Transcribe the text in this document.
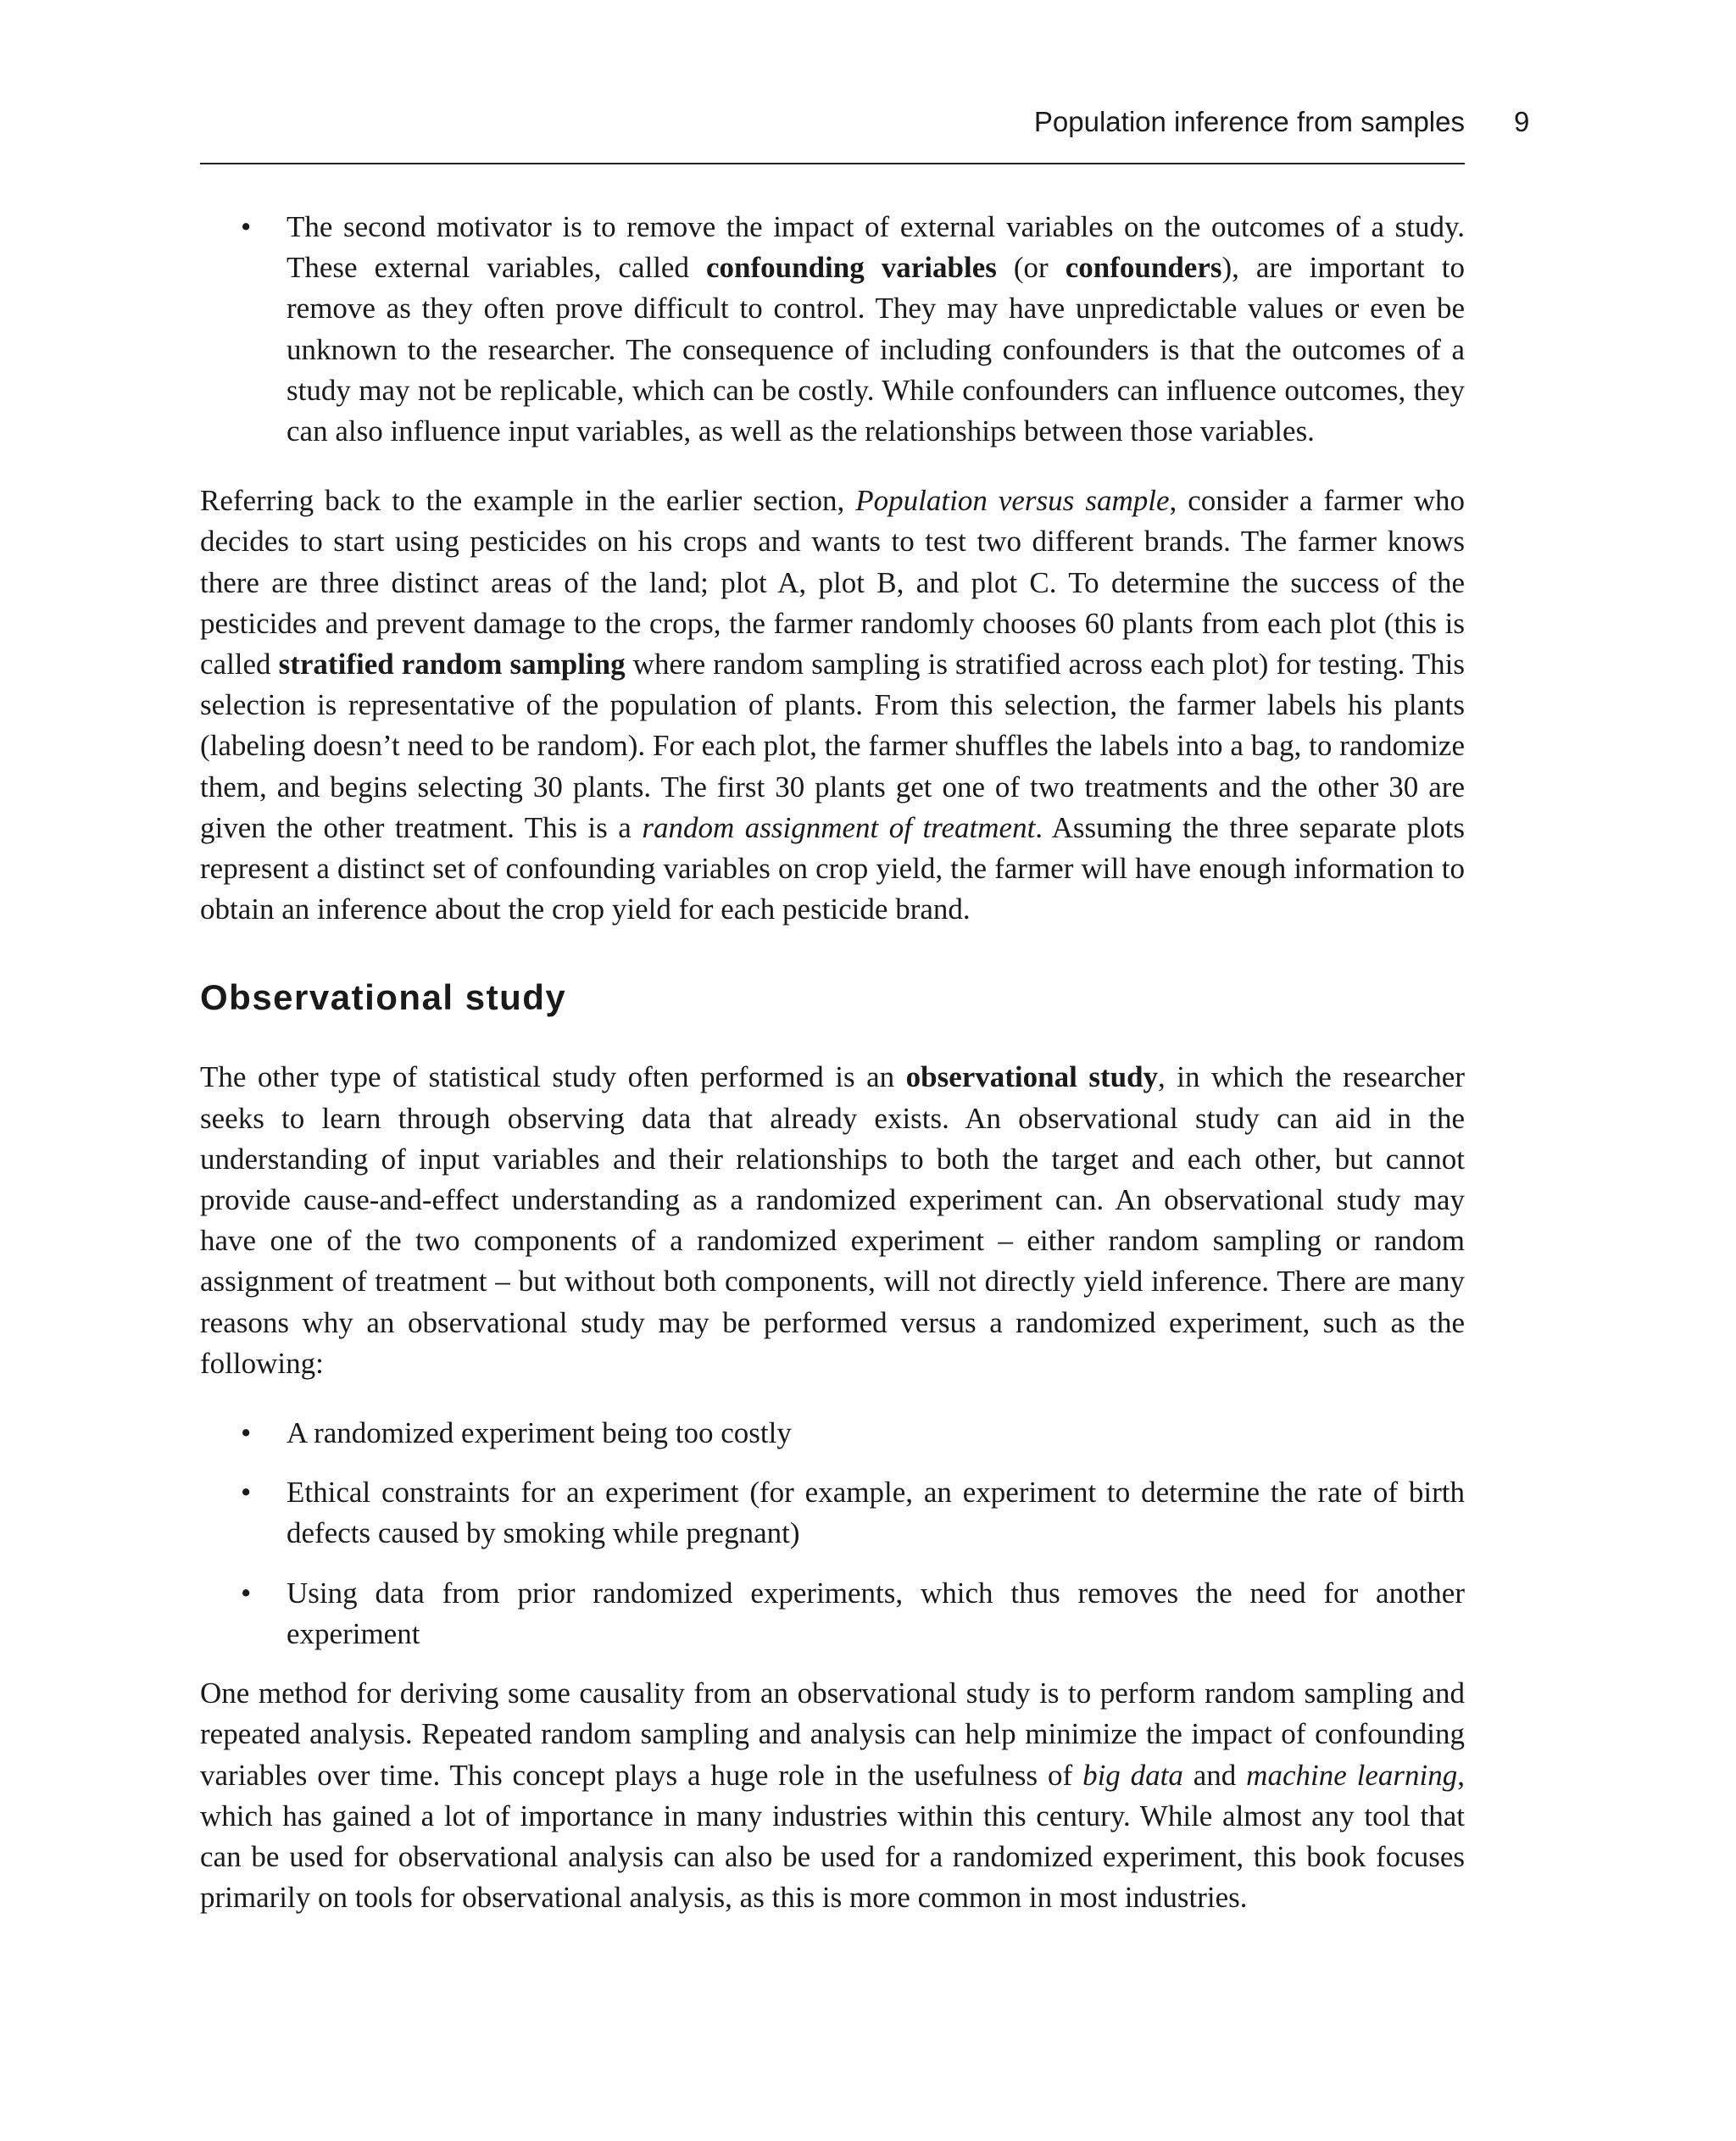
Population inference from samples 9
• The second motivator is to remove the impact of external variables on the outcomes of a study. These external variables, called confounding variables (or confounders), are important to remove as they often prove difficult to control. They may have unpredictable values or even be unknown to the researcher. The consequence of including confounders is that the outcomes of a study may not be replicable, which can be costly. While confounders can influence outcomes, they can also influence input variables, as well as the relationships between those variables.

Referring back to the example in the earlier section, Population versus sample, consider a farmer who decides to start using pesticides on his crops and wants to test two different brands. The farmer knows there are three distinct areas of the land; plot A, plot B, and plot C. To determine the success of the pesticides and prevent damage to the crops, the farmer randomly chooses 60 plants from each plot (this is called stratified random sampling where random sampling is stratified across each plot) for testing. This selection is representative of the population of plants. From this selection, the farmer labels his plants (labeling doesn’t need to be random). For each plot, the farmer shuffles the labels into a bag, to randomize them, and begins selecting 30 plants. The first 30 plants get one of two treatments and the other 30 are given the other treatment. This is a random assignment of treatment. Assuming the three separate plots represent a distinct set of confounding variables on crop yield, the farmer will have enough information to obtain an inference about the crop yield for each pesticide brand.

Observational study

The other type of statistical study often performed is an observational study, in which the researcher seeks to learn through observing data that already exists. An observational study can aid in the understanding of input variables and their relationships to both the target and each other, but cannot provide cause-and-effect understanding as a randomized experiment can. An observational study may have one of the two components of a randomized experiment – either random sampling or random assignment of treatment – but without both components, will not directly yield inference. There are many reasons why an observational study may be performed versus a randomized experiment, such as the following:

• A randomized experiment being too costly
• Ethical constraints for an experiment (for example, an experiment to determine the rate of birth defects caused by smoking while pregnant)
• Using data from prior randomized experiments, which thus removes the need for another experiment

One method for deriving some causality from an observational study is to perform random sampling and repeated analysis. Repeated random sampling and analysis can help minimize the impact of confounding variables over time. This concept plays a huge role in the usefulness of big data and machine learning, which has gained a lot of importance in many industries within this century. While almost any tool that can be used for observational analysis can also be used for a randomized experiment, this book focuses primarily on tools for observational analysis, as this is more common in most industries.
